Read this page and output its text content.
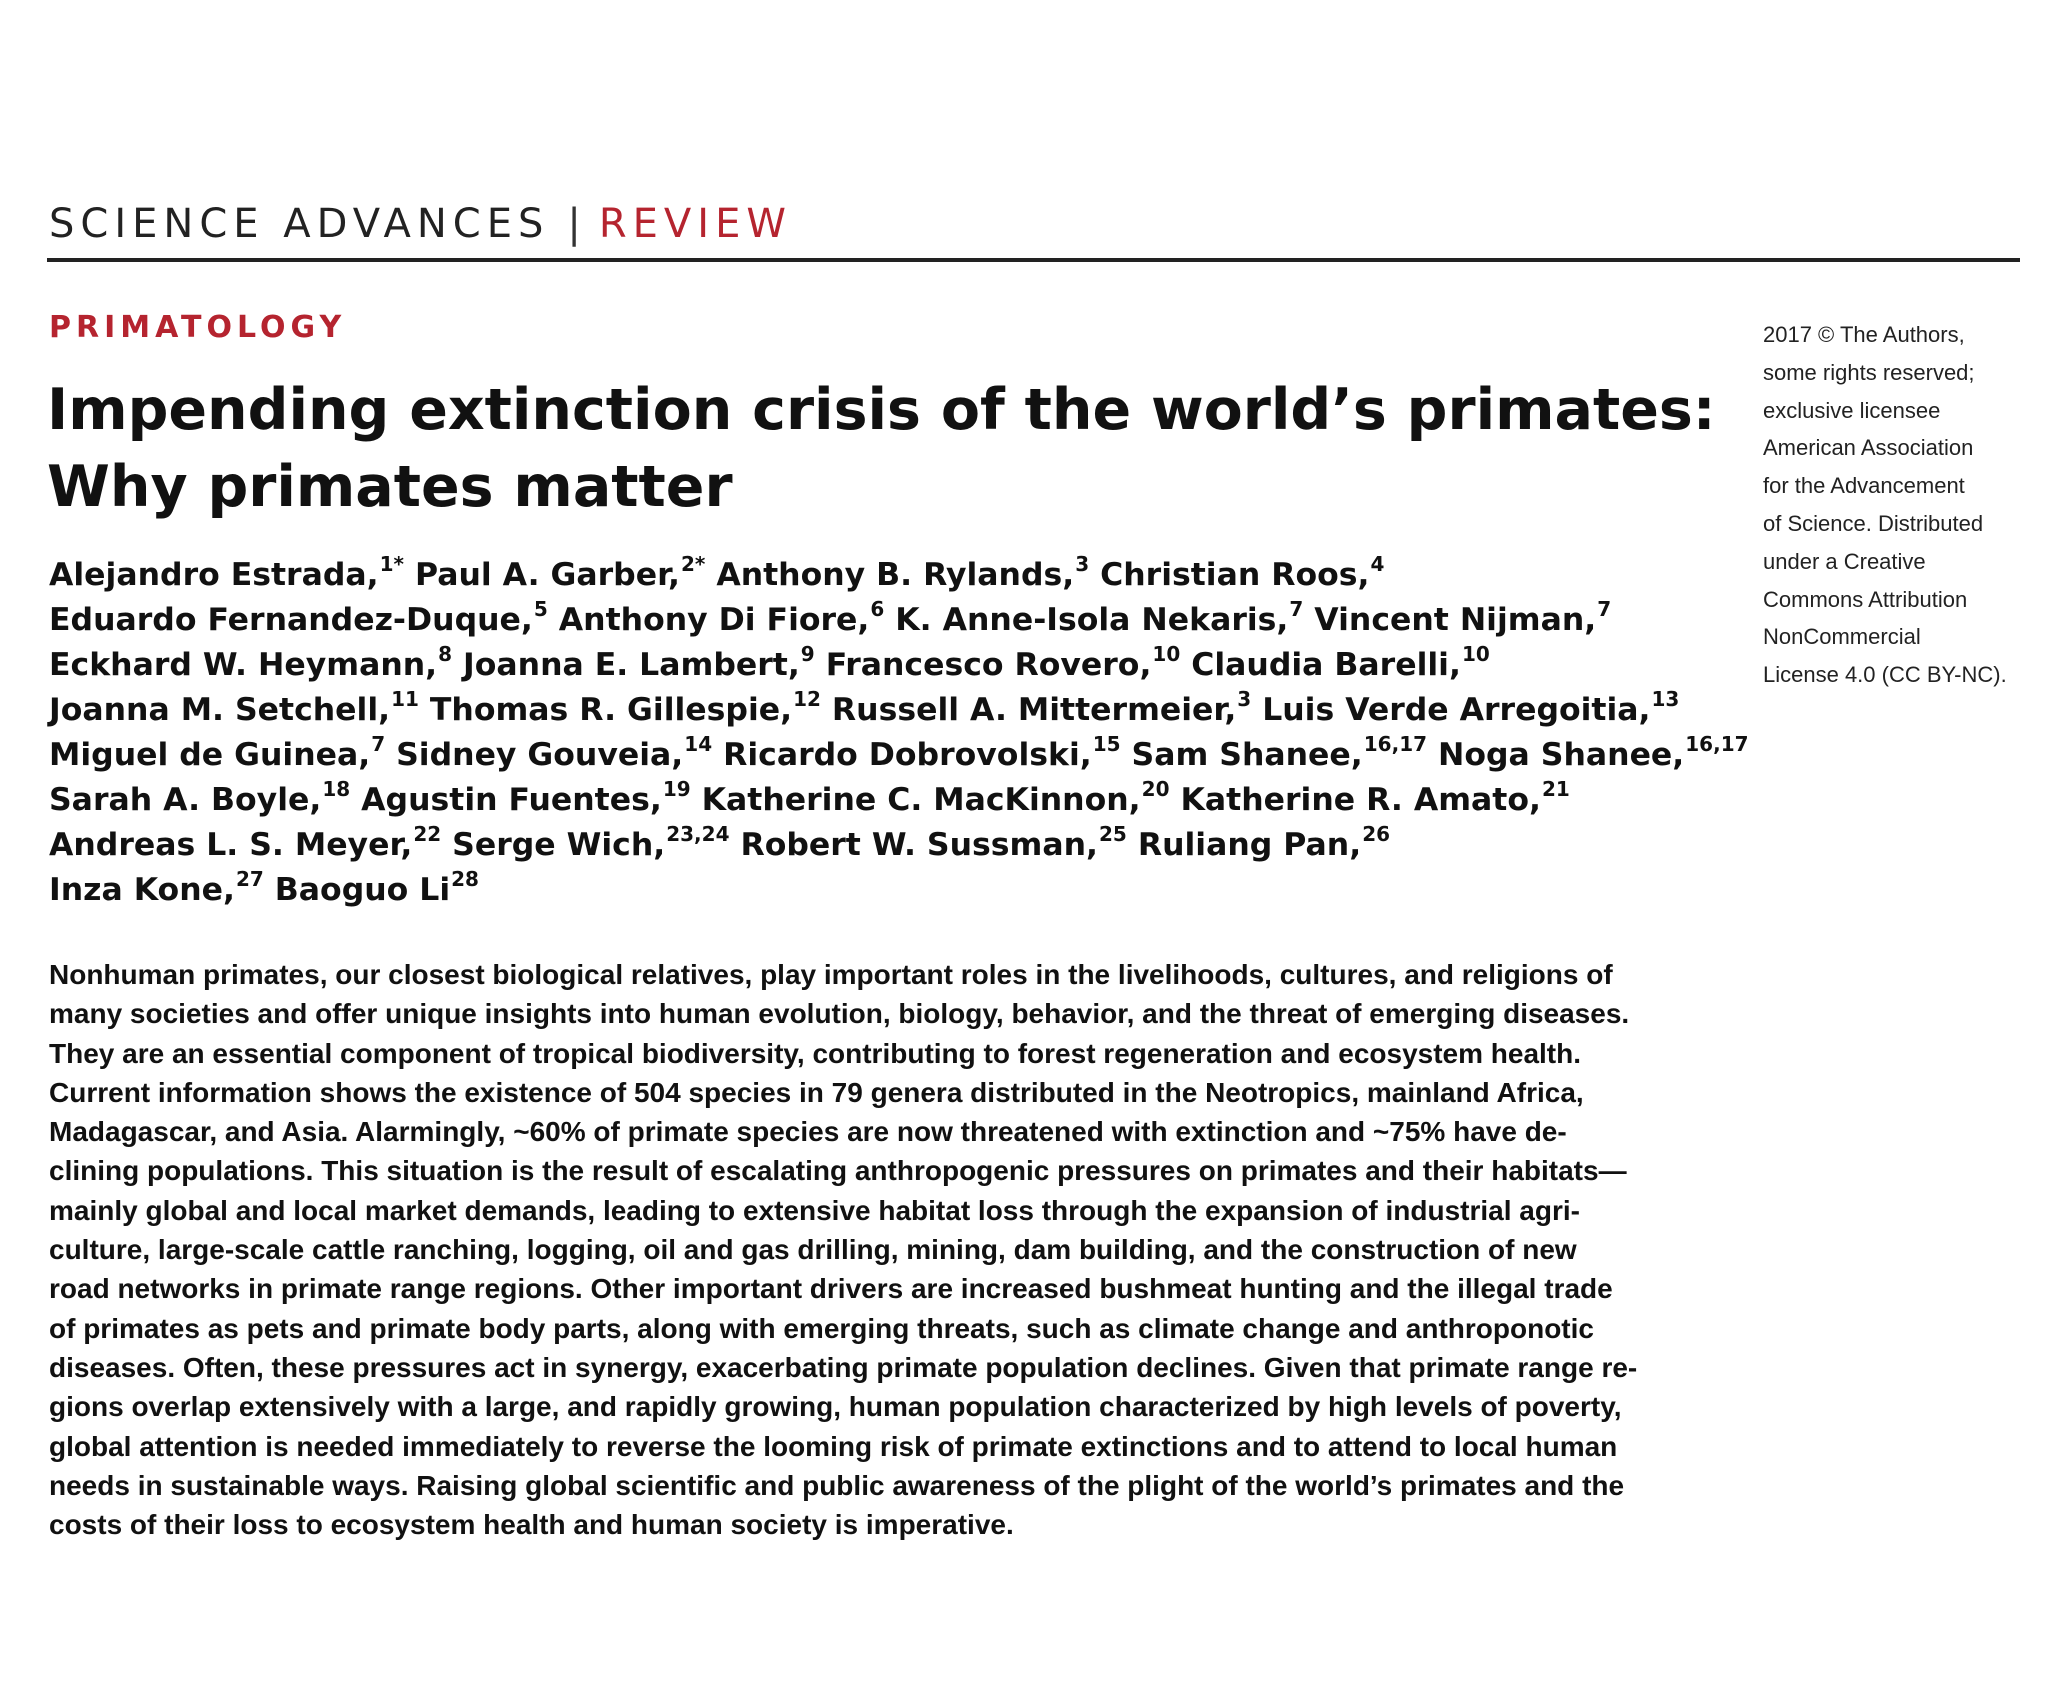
SCIENCE ADVANCES | REVIEW
PRIMATOLOGY
Impending extinction crisis of the world’s primates:
Why primates matter
Alejandro Estrada,$^{1*}$ Paul A. Garber,$^{2*}$ Anthony B. Rylands,$^3$ Christian Roos,$^4$
Eduardo Fernandez-Duque,$^5$ Anthony Di Fiore,$^6$ K. Anne-Isola Nekaris,$^7$ Vincent Nijman,$^7$
Eckhard W. Heymann,$^8$ Joanna E. Lambert,$^9$ Francesco Rovero,$^{10}$ Claudia Barelli,$^{10}$
Joanna M. Setchell,$^{11}$ Thomas R. Gillespie,$^{12}$ Russell A. Mittermeier,$^3$ Luis Verde Arregoitia,$^{13}$
Miguel de Guinea,$^7$ Sidney Gouveia,$^{14}$ Ricardo Dobrovolski,$^{15}$ Sam Shanee,$^{16,17}$ Noga Shanee,$^{16,17}$
Sarah A. Boyle,$^{18}$ Agustin Fuentes,$^{19}$ Katherine C. MacKinnon,$^{20}$ Katherine R. Amato,$^{21}$
Andreas L. S. Meyer,$^{22}$ Serge Wich,$^{23,24}$ Robert W. Sussman,$^{25}$ Ruliang Pan,$^{26}$
Inza Kone,$^{27}$ Baoguo Li$^{28}$
Nonhuman primates, our closest biological relatives, play important roles in the livelihoods, cultures, and religions of
many societies and offer unique insights into human evolution, biology, behavior, and the threat of emerging diseases.
They are an essential component of tropical biodiversity, contributing to forest regeneration and ecosystem health.
Current information shows the existence of 504 species in 79 genera distributed in the Neotropics, mainland Africa,
Madagascar, and Asia. Alarmingly, ~60% of primate species are now threatened with extinction and ~75% have de-
clining populations. This situation is the result of escalating anthropogenic pressures on primates and their habitats—
mainly global and local market demands, leading to extensive habitat loss through the expansion of industrial agri-
culture, large-scale cattle ranching, logging, oil and gas drilling, mining, dam building, and the construction of new
road networks in primate range regions. Other important drivers are increased bushmeat hunting and the illegal trade
of primates as pets and primate body parts, along with emerging threats, such as climate change and anthroponotic
diseases. Often, these pressures act in synergy, exacerbating primate population declines. Given that primate range re-
gions overlap extensively with a large, and rapidly growing, human population characterized by high levels of poverty,
global attention is needed immediately to reverse the looming risk of primate extinctions and to attend to local human
needs in sustainable ways. Raising global scientific and public awareness of the plight of the world’s primates and the
costs of their loss to ecosystem health and human society is imperative.
2017 © The Authors,
some rights reserved;
exclusive licensee
American Association
for the Advancement
of Science. Distributed
under a Creative
Commons Attribution
NonCommercial
License 4.0 (CC BY-NC).
